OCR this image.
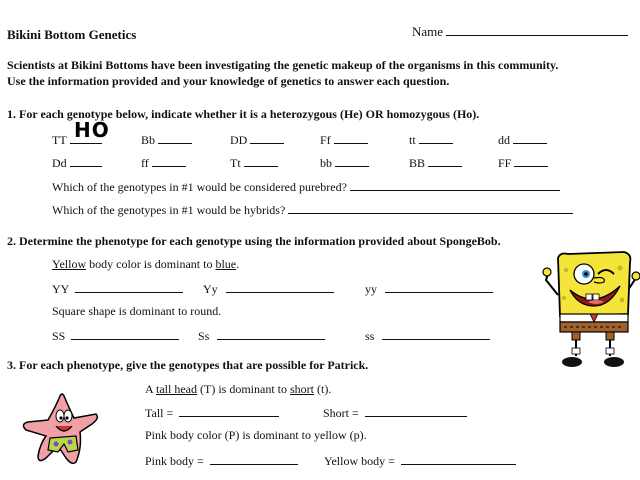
Bikini Bottom Genetics	Name
Scientists at Bikini Bottoms have been investigating the genetic makeup of the organisms in this community.
Use the information provided and your knowledge of genetics to answer each question.
1. For each genotype below, indicate whether it is a heterozygous (He) OR homozygous (Ho).
TT HO	Bb	DD	Ff	tt	dd
Dd	ff	Tt	bb	BB	FF
Which of the genotypes in #1 would be considered purebred?
Which of the genotypes in #1 would be hybrids?
2. Determine the phenotype for each genotype using the information provided about SpongeBob.
Yellow body color is dominant to blue.
YY	Yy	yy
Square shape is dominant to round.
SS	Ss	ss
3. For each phenotype, give the genotypes that are possible for Patrick.
A tall head (T) is dominant to short (t).
Tall =	Short =
Pink body color (P) is dominant to yellow (p).
Pink body =	Yellow body =
